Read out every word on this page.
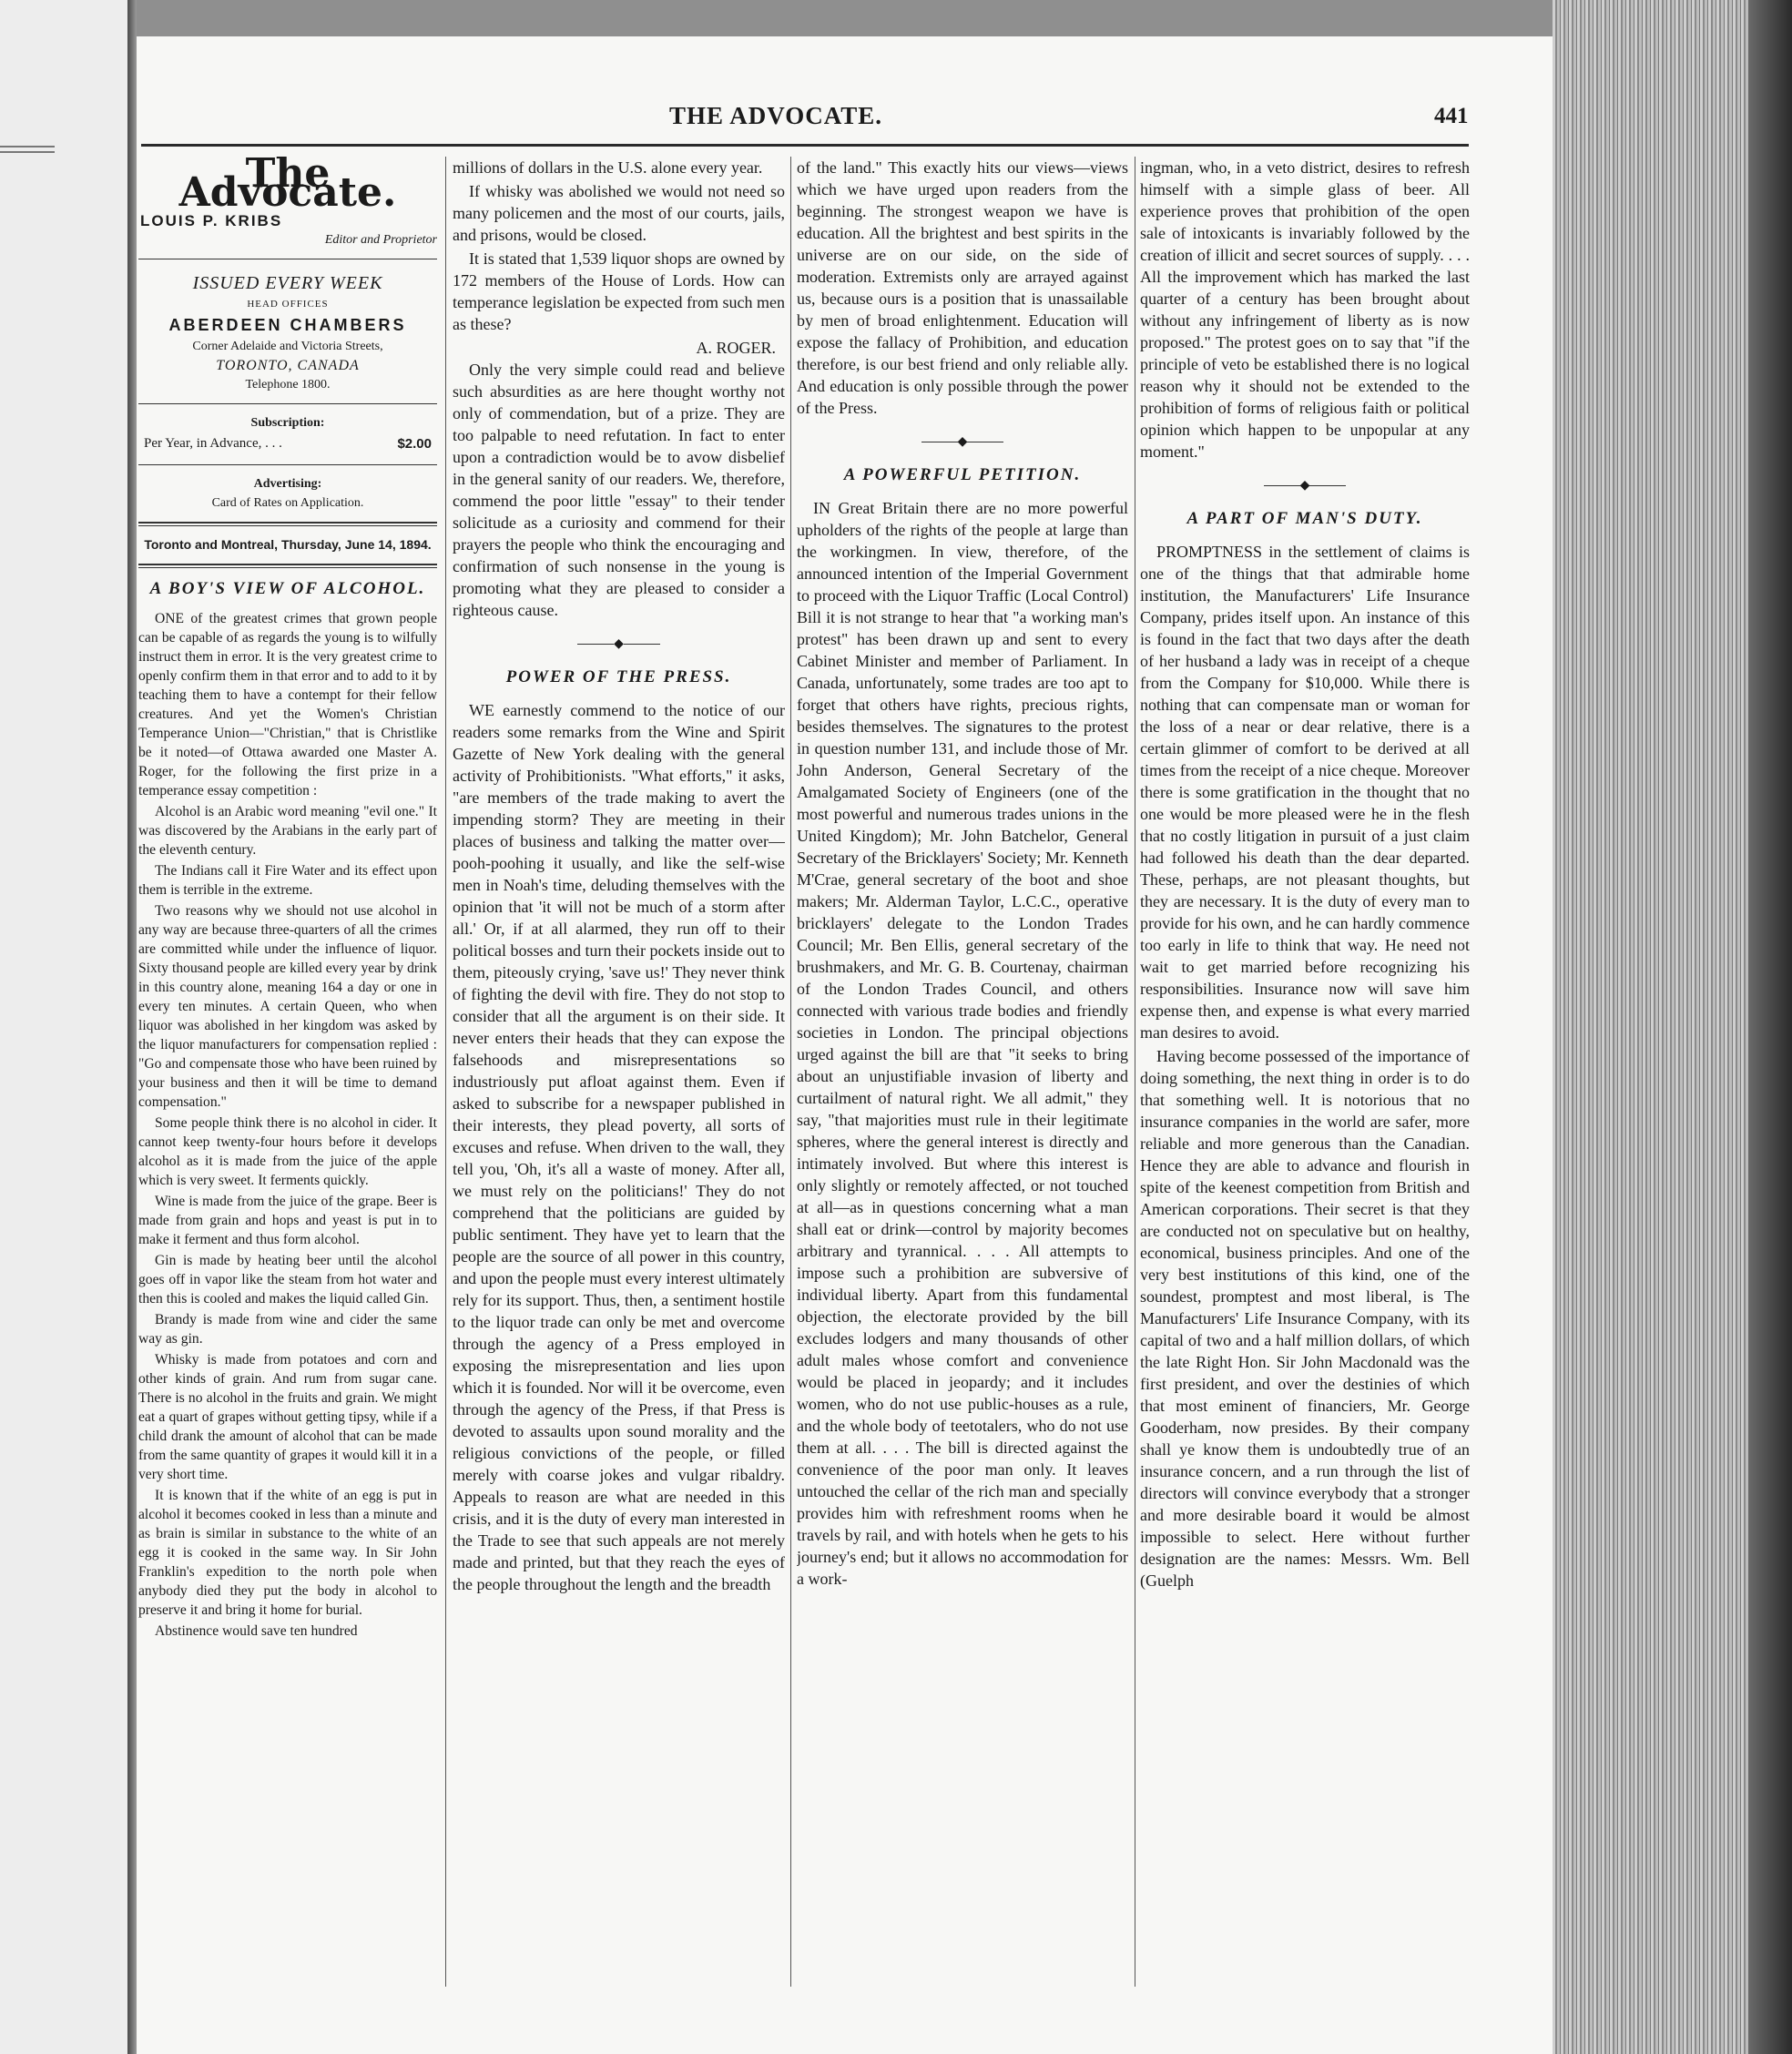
THE ADVOCATE.	441
The Advocate.
LOUIS P. KRIBS
Editor and Proprietor
ISSUED EVERY WEEK
HEAD OFFICES
ABERDEEN CHAMBERS
Corner Adelaide and Victoria Streets,
TORONTO, CANADA
Telephone 1800.
Subscription:
Per Year, in Advance, . . .	$2.00
Advertising:
Card of Rates on Application.
Toronto and Montreal, Thursday, June 14, 1894.
A BOY'S VIEW OF ALCOHOL.

ONE of the greatest crimes that grown people can be capable of as regards the young is to wilfully instruct them in error. It is the very greatest crime to openly confirm them in that error and to add to it by teaching them to have a contempt for their fellow creatures. And yet the Women's Christian Temperance Union—"Christian," that is Christlike be it noted—of Ottawa awarded one Master A. Roger, for the following the first prize in a temperance essay competition :

Alcohol is an Arabic word meaning "evil one." It was discovered by the Arabians in the early part of the eleventh century.

The Indians call it Fire Water and its effect upon them is terrible in the extreme.

Two reasons why we should not use alcohol in any way are because three-quarters of all the crimes are committed while under the influence of liquor. Sixty thousand people are killed every year by drink in this country alone, meaning 164 a day or one in every ten minutes. A certain Queen, who when liquor was abolished in her kingdom was asked by the liquor manufacturers for compensation replied : "Go and compensate those who have been ruined by your business and then it will be time to demand compensation."

Some people think there is no alcohol in cider. It cannot keep twenty-four hours before it develops alcohol as it is made from the juice of the apple which is very sweet. It ferments quickly.

Wine is made from the juice of the grape. Beer is made from grain and hops and yeast is put in to make it ferment and thus form alcohol.

Gin is made by heating beer until the alcohol goes off in vapor like the steam from hot water and then this is cooled and makes the liquid called Gin.

Brandy is made from wine and cider the same way as gin.

Whisky is made from potatoes and corn and other kinds of grain. And rum from sugar cane. There is no alcohol in the fruits and grain. We might eat a quart of grapes without getting tipsy, while if a child drank the amount of alcohol that can be made from the same quantity of grapes it would kill it in a very short time.

It is known that if the white of an egg is put in alcohol it becomes cooked in less than a minute and as brain is similar in substance to the white of an egg it is cooked in the same way. In Sir John Franklin's expedition to the north pole when anybody died they put the body in alcohol to preserve it and bring it home for burial.

Abstinence would save ten hundred

millions of dollars in the U.S. alone every year.

If whisky was abolished we would not need so many policemen and the most of our courts, jails, and prisons, would be closed.

It is stated that 1,539 liquor shops are owned by 172 members of the House of Lords. How can temperance legislation be expected from such men as these?

A. ROGER.

Only the very simple could read and believe such absurdities as are here thought worthy not only of commendation, but of a prize. They are too palpable to need refutation. In fact to enter upon a contradiction would be to avow disbelief in the general sanity of our readers. We, therefore, commend the poor little "essay" to their tender solicitude as a curiosity and commend for their prayers the people who think the encouraging and confirmation of such nonsense in the young is promoting what they are pleased to consider a righteous cause.

◆
POWER OF THE PRESS.

WE earnestly commend to the notice of our readers some remarks from the Wine and Spirit Gazette of New York dealing with the general activity of Prohibitionists. "What efforts," it asks, "are members of the trade making to avert the impending storm? They are meeting in their places of business and talking the matter over—pooh-poohing it usually, and like the self-wise men in Noah's time, deluding themselves with the opinion that 'it will not be much of a storm after all.' Or, if at all alarmed, they run off to their political bosses and turn their pockets inside out to them, piteously crying, 'save us!' They never think of fighting the devil with fire. They do not stop to consider that all the argument is on their side. It never enters their heads that they can expose the falsehoods and misrepresentations so industriously put afloat against them. Even if asked to subscribe for a newspaper published in their interests, they plead poverty, all sorts of excuses and refuse. When driven to the wall, they tell you, 'Oh, it's all a waste of money. After all, we must rely on the politicians!' They do not comprehend that the politicians are guided by public sentiment. They have yet to learn that the people are the source of all power in this country, and upon the people must every interest ultimately rely for its support. Thus, then, a sentiment hostile to the liquor trade can only be met and overcome through the agency of a Press employed in exposing the misrepresentation and lies upon which it is founded. Nor will it be overcome, even through the agency of the Press, if that Press is devoted to assaults upon sound morality and the religious convictions of the people, or filled merely with coarse jokes and vulgar ribaldry. Appeals to reason are what are needed in this crisis, and it is the duty of every man interested in the Trade to see that such appeals are not merely made and printed, but that they reach the eyes of the people throughout the length and the breadth

of the land." This exactly hits our views—views which we have urged upon readers from the beginning. The strongest weapon we have is education. All the brightest and best spirits in the universe are on our side, on the side of moderation. Extremists only are arrayed against us, because ours is a position that is unassailable by men of broad enlightenment. Education will expose the fallacy of Prohibition, and education therefore, is our best friend and only reliable ally. And education is only possible through the power of the Press.

◆
A POWERFUL PETITION.

IN Great Britain there are no more powerful upholders of the rights of the people at large than the workingmen. In view, therefore, of the announced intention of the Imperial Government to proceed with the Liquor Traffic (Local Control) Bill it is not strange to hear that "a working man's protest" has been drawn up and sent to every Cabinet Minister and member of Parliament. In Canada, unfortunately, some trades are too apt to forget that others have rights, precious rights, besides themselves. The signatures to the protest in question number 131, and include those of Mr. John Anderson, General Secretary of the Amalgamated Society of Engineers (one of the most powerful and numerous trades unions in the United Kingdom); Mr. John Batchelor, General Secretary of the Bricklayers' Society; Mr. Kenneth M'Crae, general secretary of the boot and shoe makers; Mr. Alderman Taylor, L.C.C., operative bricklayers' delegate to the London Trades Council; Mr. Ben Ellis, general secretary of the brushmakers, and Mr. G. B. Courtenay, chairman of the London Trades Council, and others connected with various trade bodies and friendly societies in London. The principal objections urged against the bill are that "it seeks to bring about an unjustifiable invasion of liberty and curtailment of natural right. We all admit," they say, "that majorities must rule in their legitimate spheres, where the general interest is directly and intimately involved. But where this interest is only slightly or remotely affected, or not touched at all—as in questions concerning what a man shall eat or drink—control by majority becomes arbitrary and tyrannical. . . . All attempts to impose such a prohibition are subversive of individual liberty. Apart from this fundamental objection, the electorate provided by the bill excludes lodgers and many thousands of other adult males whose comfort and convenience would be placed in jeopardy; and it includes women, who do not use public-houses as a rule, and the whole body of teetotalers, who do not use them at all. . . . The bill is directed against the convenience of the poor man only. It leaves untouched the cellar of the rich man and specially provides him with refreshment rooms when he travels by rail, and with hotels when he gets to his journey's end; but it allows no accommodation for a work-

ingman, who, in a veto district, desires to refresh himself with a simple glass of beer. All experience proves that prohibition of the open sale of intoxicants is invariably followed by the creation of illicit and secret sources of supply. . . . All the improvement which has marked the last quarter of a century has been brought about without any infringement of liberty as is now proposed." The protest goes on to say that "if the principle of veto be established there is no logical reason why it should not be extended to the prohibition of forms of religious faith or political opinion which happen to be unpopular at any moment."

◆
A PART OF MAN'S DUTY.

PROMPTNESS in the settlement of claims is one of the things that that admirable home institution, the Manufacturers' Life Insurance Company, prides itself upon. An instance of this is found in the fact that two days after the death of her husband a lady was in receipt of a cheque from the Company for $10,000. While there is nothing that can compensate man or woman for the loss of a near or dear relative, there is a certain glimmer of comfort to be derived at all times from the receipt of a nice cheque. Moreover there is some gratification in the thought that no one would be more pleased were he in the flesh that no costly litigation in pursuit of a just claim had followed his death than the dear departed. These, perhaps, are not pleasant thoughts, but they are necessary. It is the duty of every man to provide for his own, and he can hardly commence too early in life to think that way. He need not wait to get married before recognizing his responsibilities. Insurance now will save him expense then, and expense is what every married man desires to avoid.

Having become possessed of the importance of doing something, the next thing in order is to do that something well. It is notorious that no insurance companies in the world are safer, more reliable and more generous than the Canadian. Hence they are able to advance and flourish in spite of the keenest competition from British and American corporations. Their secret is that they are conducted not on speculative but on healthy, economical, business principles. And one of the very best institutions of this kind, one of the soundest, promptest and most liberal, is The Manufacturers' Life Insurance Company, with its capital of two and a half million dollars, of which the late Right Hon. Sir John Macdonald was the first president, and over the destinies of which that most eminent of financiers, Mr. George Gooderham, now presides. By their company shall ye know them is undoubtedly true of an insurance concern, and a run through the list of directors will convince everybody that a stronger and more desirable board it would be almost impossible to select. Here without further designation are the names: Messrs. Wm. Bell (Guelph
